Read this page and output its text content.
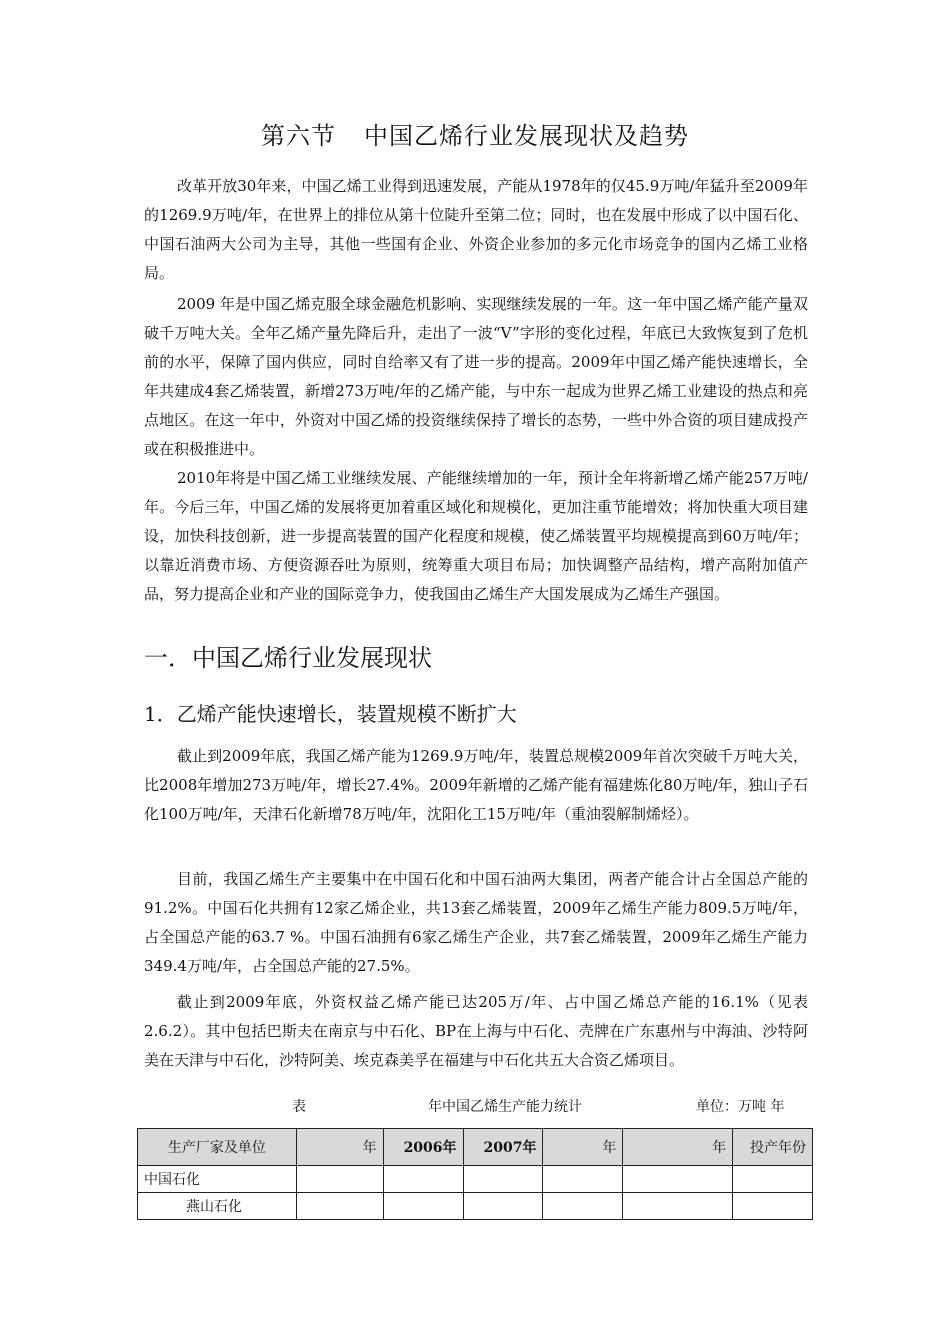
第六节 中国乙烯行业发展现状及趋势

改革开放30年来，中国乙烯工业得到迅速发展，产能从1978年的仅45.9万吨/年猛升至2009年的1269.9万吨/年，在世界上的排位从第十位陡升至第二位；同时，也在发展中形成了以中国石化、中国石油两大公司为主导，其他一些国有企业、外资企业参加的多元化市场竞争的国内乙烯工业格局。

2009 年是中国乙烯克服全球金融危机影响、实现继续发展的一年。这一年中国乙烯产能产量双破千万吨大关。全年乙烯产量先降后升，走出了一波“V”字形的变化过程，年底已大致恢复到了危机前的水平，保障了国内供应，同时自给率又有了进一步的提高。2009年中国乙烯产能快速增长，全年共建成4套乙烯装置，新增273万吨/年的乙烯产能，与中东一起成为世界乙烯工业建设的热点和亮点地区。在这一年中，外资对中国乙烯的投资继续保持了增长的态势，一些中外合资的项目建成投产或在积极推进中。

2010年将是中国乙烯工业继续发展、产能继续增加的一年，预计全年将新增乙烯产能257万吨/年。今后三年，中国乙烯的发展将更加着重区域化和规模化，更加注重节能增效；将加快重大项目建设，加快科技创新，进一步提高装置的国产化程度和规模，使乙烯装置平均规模提高到60万吨/年；以靠近消费市场、方便资源吞吐为原则，统筹重大项目布局；加快调整产品结构，增产高附加值产品，努力提高企业和产业的国际竞争力，使我国由乙烯生产大国发展成为乙烯生产强国。

一．中国乙烯行业发展现状
1．乙烯产能快速增长，装置规模不断扩大

截止到2009年底，我国乙烯产能为1269.9万吨/年，装置总规模2009年首次突破千万吨大关，比2008年增加273万吨/年，增长27.4%。2009年新增的乙烯产能有福建炼化80万吨/年，独山子石化100万吨/年，天津石化新增78万吨/年，沈阳化工15万吨/年（重油裂解制烯烃）。

目前，我国乙烯生产主要集中在中国石化和中国石油两大集团，两者产能合计占全国总产能的91.2%。中国石化共拥有12家乙烯企业，共13套乙烯装置，2009年乙烯生产能力809.5万吨/年，占全国总产能的63.7 %。中国石油拥有6家乙烯生产企业，共7套乙烯装置，2009年乙烯生产能力349.4万吨/年，占全国总产能的27.5%。

截止到2009年底，外资权益乙烯产能已达205万/年、占中国乙烯总产能的16.1%（见表2.6.2）。其中包括巴斯夫在南京与中石化、BP在上海与中石化、壳牌在广东惠州与中海油、沙特阿美在天津与中石化，沙特阿美、埃克森美孚在福建与中石化共五大合资乙烯项目。

表	年中国乙烯生产能力统计	单位：万吨 年
生产厂家及单位	年	2006年	2007年	年	年	投产年份
中国石化						
燕山石化						
